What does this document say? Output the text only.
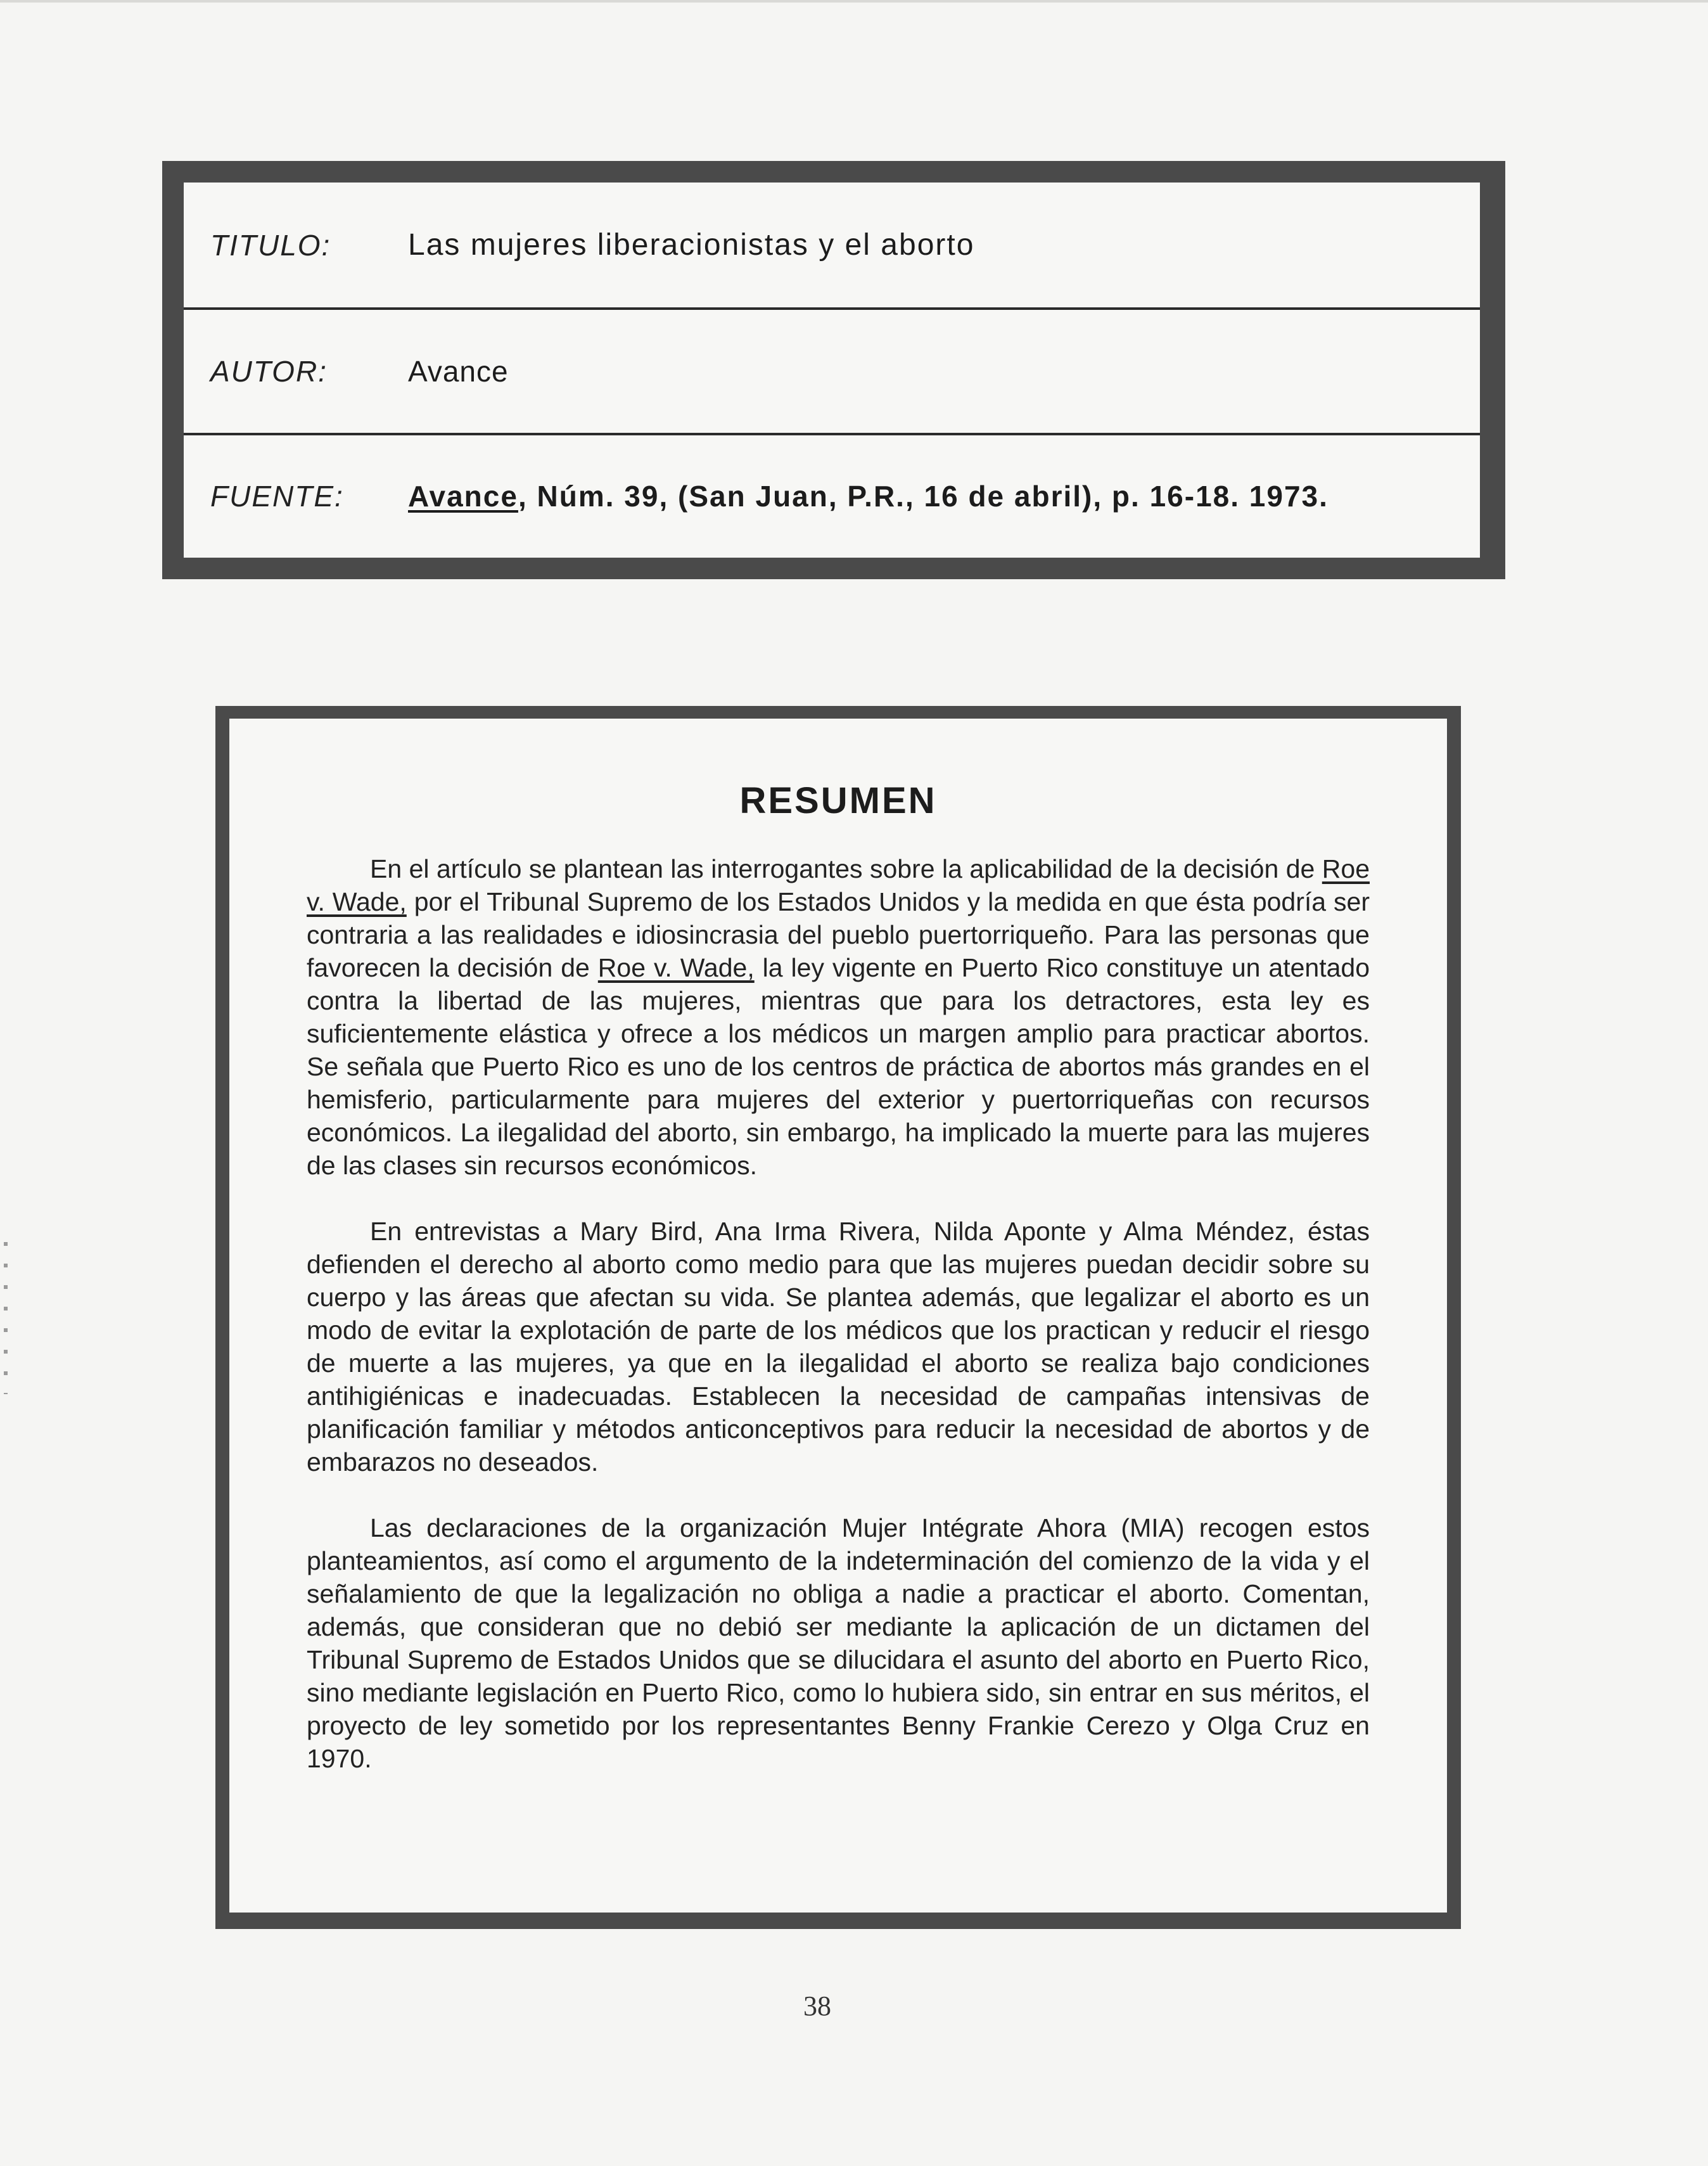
TITULO:	Las mujeres liberacionistas y el aborto
AUTOR:	Avance
FUENTE:	Avance, Núm. 39, (San Juan, P.R., 16 de abril), p. 16-18. 1973.
RESUMEN

En el artículo se plantean las interrogantes sobre la aplicabilidad de la decisión de Roe v. Wade, por el Tribunal Supremo de los Estados Unidos y la medida en que ésta podría ser contraria a las realidades e idiosincrasia del pueblo puertorriqueño. Para las personas que favorecen la decisión de Roe v. Wade, la ley vigente en Puerto Rico constituye un atentado contra la libertad de las mujeres, mientras que para los detractores, esta ley es suficientemente elástica y ofrece a los médicos un margen amplio para practicar abortos. Se señala que Puerto Rico es uno de los centros de práctica de abortos más grandes en el hemisferio, particularmente para mujeres del exterior y puertorriqueñas con recursos económicos. La ilegalidad del aborto, sin embargo, ha implicado la muerte para las mujeres de las clases sin recursos económicos.

En entrevistas a Mary Bird, Ana Irma Rivera, Nilda Aponte y Alma Méndez, éstas defienden el derecho al aborto como medio para que las mujeres puedan decidir sobre su cuerpo y las áreas que afectan su vida. Se plantea además, que legalizar el aborto es un modo de evitar la explotación de parte de los médicos que los practican y reducir el riesgo de muerte a las mujeres, ya que en la ilegalidad el aborto se realiza bajo condiciones antihigiénicas e inadecuadas. Establecen la necesidad de campañas intensivas de planificación familiar y métodos anticonceptivos para reducir la necesidad de abortos y de embarazos no deseados.

Las declaraciones de la organización Mujer Intégrate Ahora (MIA) recogen estos planteamientos, así como el argumento de la indeterminación del comienzo de la vida y el señalamiento de que la legalización no obliga a nadie a practicar el aborto. Comentan, además, que consideran que no debió ser mediante la aplicación de un dictamen del Tribunal Supremo de Estados Unidos que se dilucidara el asunto del aborto en Puerto Rico, sino mediante legislación en Puerto Rico, como lo hubiera sido, sin entrar en sus méritos, el proyecto de ley sometido por los representantes Benny Frankie Cerezo y Olga Cruz en 1970.

38
